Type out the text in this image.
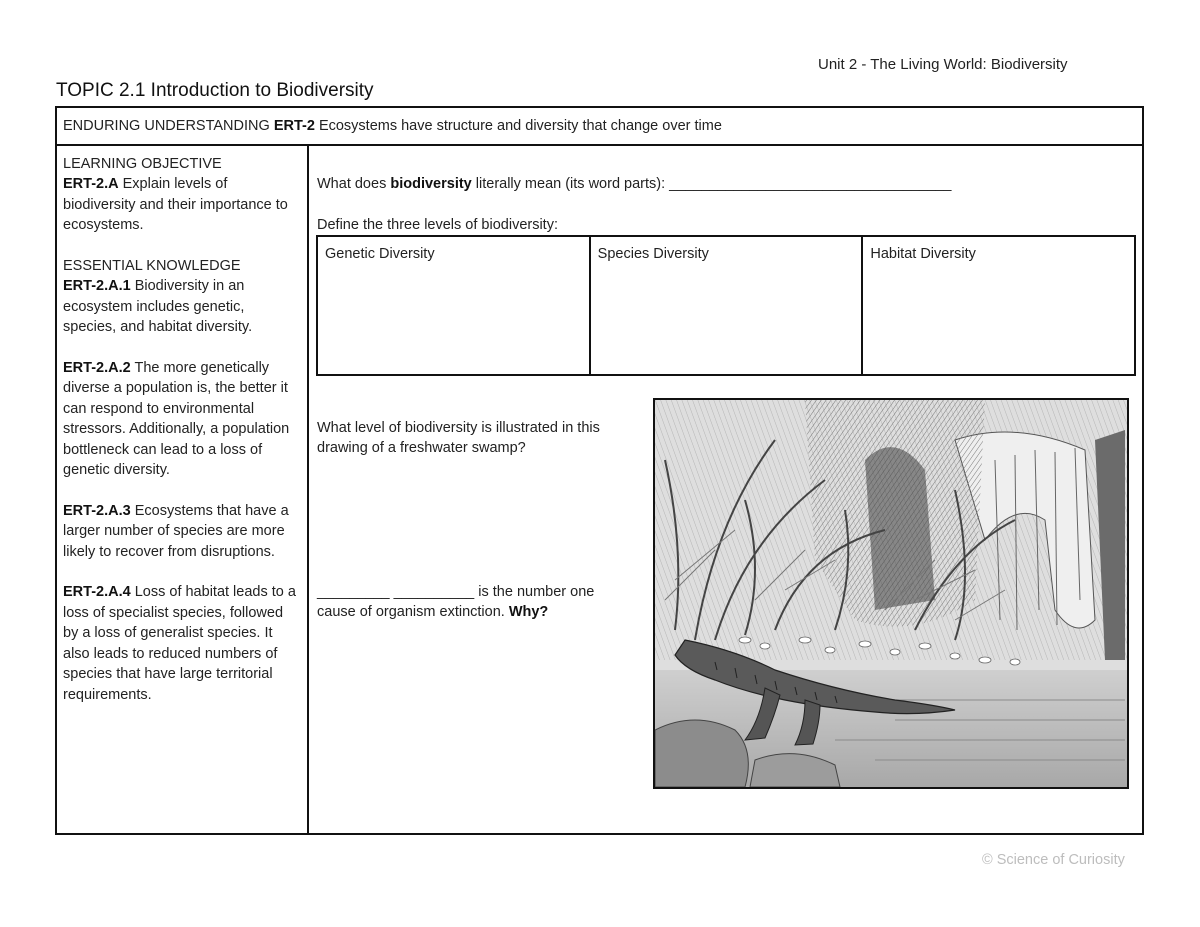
Unit 2 - The Living World: Biodiversity
TOPIC 2.1 Introduction to Biodiversity
ENDURING UNDERSTANDING ERT-2 Ecosystems have structure and diversity that change over time

LEARNING OBJECTIVE
ERT-2.A Explain levels of biodiversity and their importance to ecosystems.

ESSENTIAL KNOWLEDGE
ERT-2.A.1 Biodiversity in an ecosystem includes genetic, species, and habitat diversity.

ERT-2.A.2 The more genetically diverse a population is, the better it can respond to environmental stressors. Additionally, a population bottleneck can lead to a loss of genetic diversity.

ERT-2.A.3 Ecosystems that have a larger number of species are more likely to recover from disruptions.

ERT-2.A.4 Loss of habitat leads to a loss of specialist species, followed by a loss of generalist species. It also leads to reduced numbers of species that have large territorial requirements.

What does biodiversity literally mean (its word parts): ___________________________________
Define the three levels of biodiversity:
Genetic Diversity	Species Diversity	Habitat Diversity
What level of biodiversity is illustrated in this drawing of a freshwater swamp?
_________ __________ is the number one cause of organism extinction. Why?
© Science of Curiosity
